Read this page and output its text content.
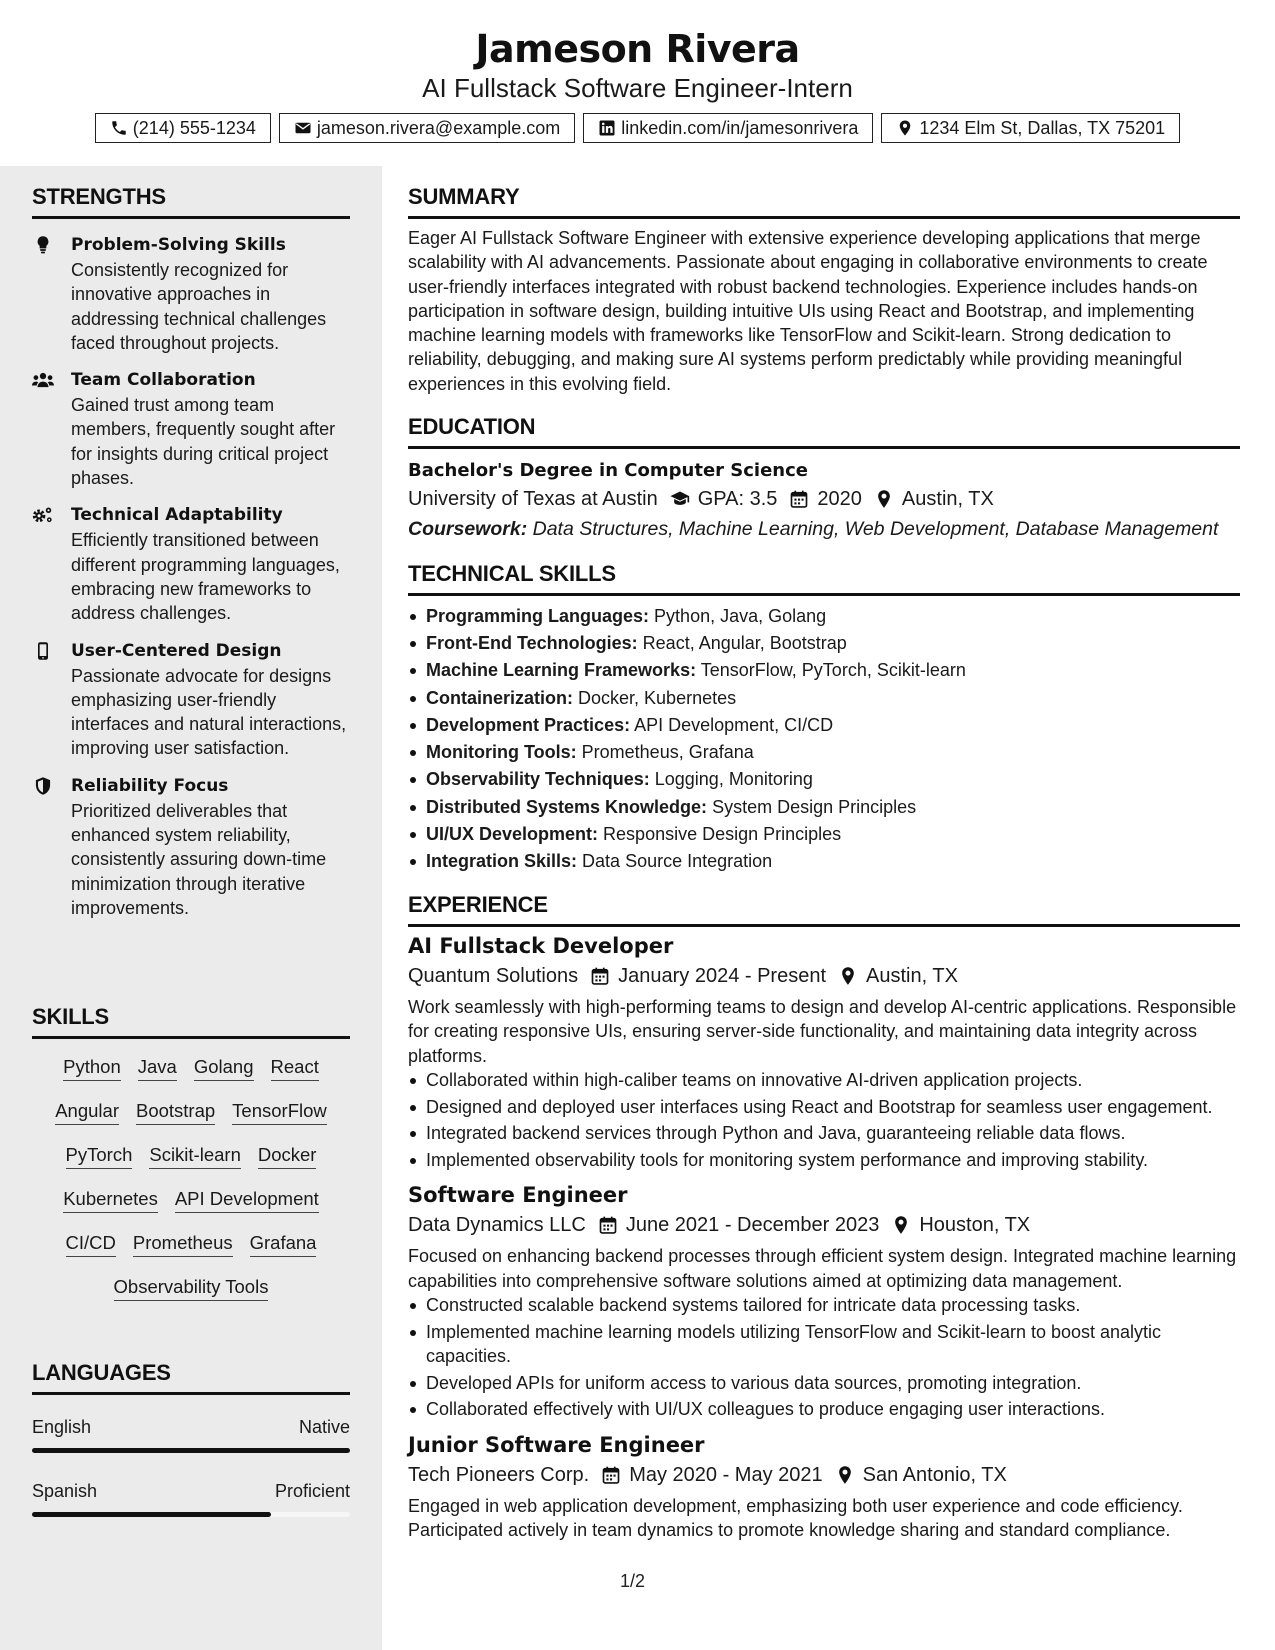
Jameson Rivera
AI Fullstack Software Engineer-Intern
(214) 555-1234	jameson.rivera@example.com	linkedin.com/in/jamesonrivera	1234 Elm St, Dallas, TX 75201
STRENGTHS
Problem-Solving Skills
Consistently recognized for innovative approaches in addressing technical challenges faced throughout projects.
Team Collaboration
Gained trust among team members, frequently sought after for insights during critical project phases.
Technical Adaptability
Efficiently transitioned between different programming languages, embracing new frameworks to address challenges.
User-Centered Design
Passionate advocate for designs emphasizing user-friendly interfaces and natural interactions, improving user satisfaction.
Reliability Focus
Prioritized deliverables that enhanced system reliability, consistently assuring down-time minimization through iterative improvements.
SKILLS
Python Java Golang React
Angular Bootstrap TensorFlow
PyTorch Scikit-learn Docker
Kubernetes API Development
CI/CD Prometheus Grafana
Observability Tools
LANGUAGES
English	Native
Spanish	Proficient
SUMMARY
Eager AI Fullstack Software Engineer with extensive experience developing applications that merge scalability with AI advancements. Passionate about engaging in collaborative environments to create user-friendly interfaces integrated with robust backend technologies. Experience includes hands-on participation in software design, building intuitive UIs using React and Bootstrap, and implementing machine learning models with frameworks like TensorFlow and Scikit-learn. Strong dedication to reliability, debugging, and making sure AI systems perform predictably while providing meaningful experiences in this evolving field.
EDUCATION
Bachelor's Degree in Computer Science
University of Texas at Austin GPA: 3.5 2020 Austin, TX
Coursework: Data Structures, Machine Learning, Web Development, Database Management
TECHNICAL SKILLS
Programming Languages: Python, Java, Golang
Front-End Technologies: React, Angular, Bootstrap
Machine Learning Frameworks: TensorFlow, PyTorch, Scikit-learn
Containerization: Docker, Kubernetes
Development Practices: API Development, CI/CD
Monitoring Tools: Prometheus, Grafana
Observability Techniques: Logging, Monitoring
Distributed Systems Knowledge: System Design Principles
UI/UX Development: Responsive Design Principles
Integration Skills: Data Source Integration
EXPERIENCE
AI Fullstack Developer
Quantum Solutions January 2024 - Present Austin, TX
Work seamlessly with high-performing teams to design and develop AI-centric applications. Responsible for creating responsive UIs, ensuring server-side functionality, and maintaining data integrity across platforms.
Collaborated within high-caliber teams on innovative AI-driven application projects.
Designed and deployed user interfaces using React and Bootstrap for seamless user engagement.
Integrated backend services through Python and Java, guaranteeing reliable data flows.
Implemented observability tools for monitoring system performance and improving stability.
Software Engineer
Data Dynamics LLC June 2021 - December 2023 Houston, TX
Focused on enhancing backend processes through efficient system design. Integrated machine learning capabilities into comprehensive software solutions aimed at optimizing data management.
Constructed scalable backend systems tailored for intricate data processing tasks.
Implemented machine learning models utilizing TensorFlow and Scikit-learn to boost analytic capacities.
Developed APIs for uniform access to various data sources, promoting integration.
Collaborated effectively with UI/UX colleagues to produce engaging user interactions.
Junior Software Engineer
Tech Pioneers Corp. May 2020 - May 2021 San Antonio, TX
Engaged in web application development, emphasizing both user experience and code efficiency. Participated actively in team dynamics to promote knowledge sharing and standard compliance.
1/2
